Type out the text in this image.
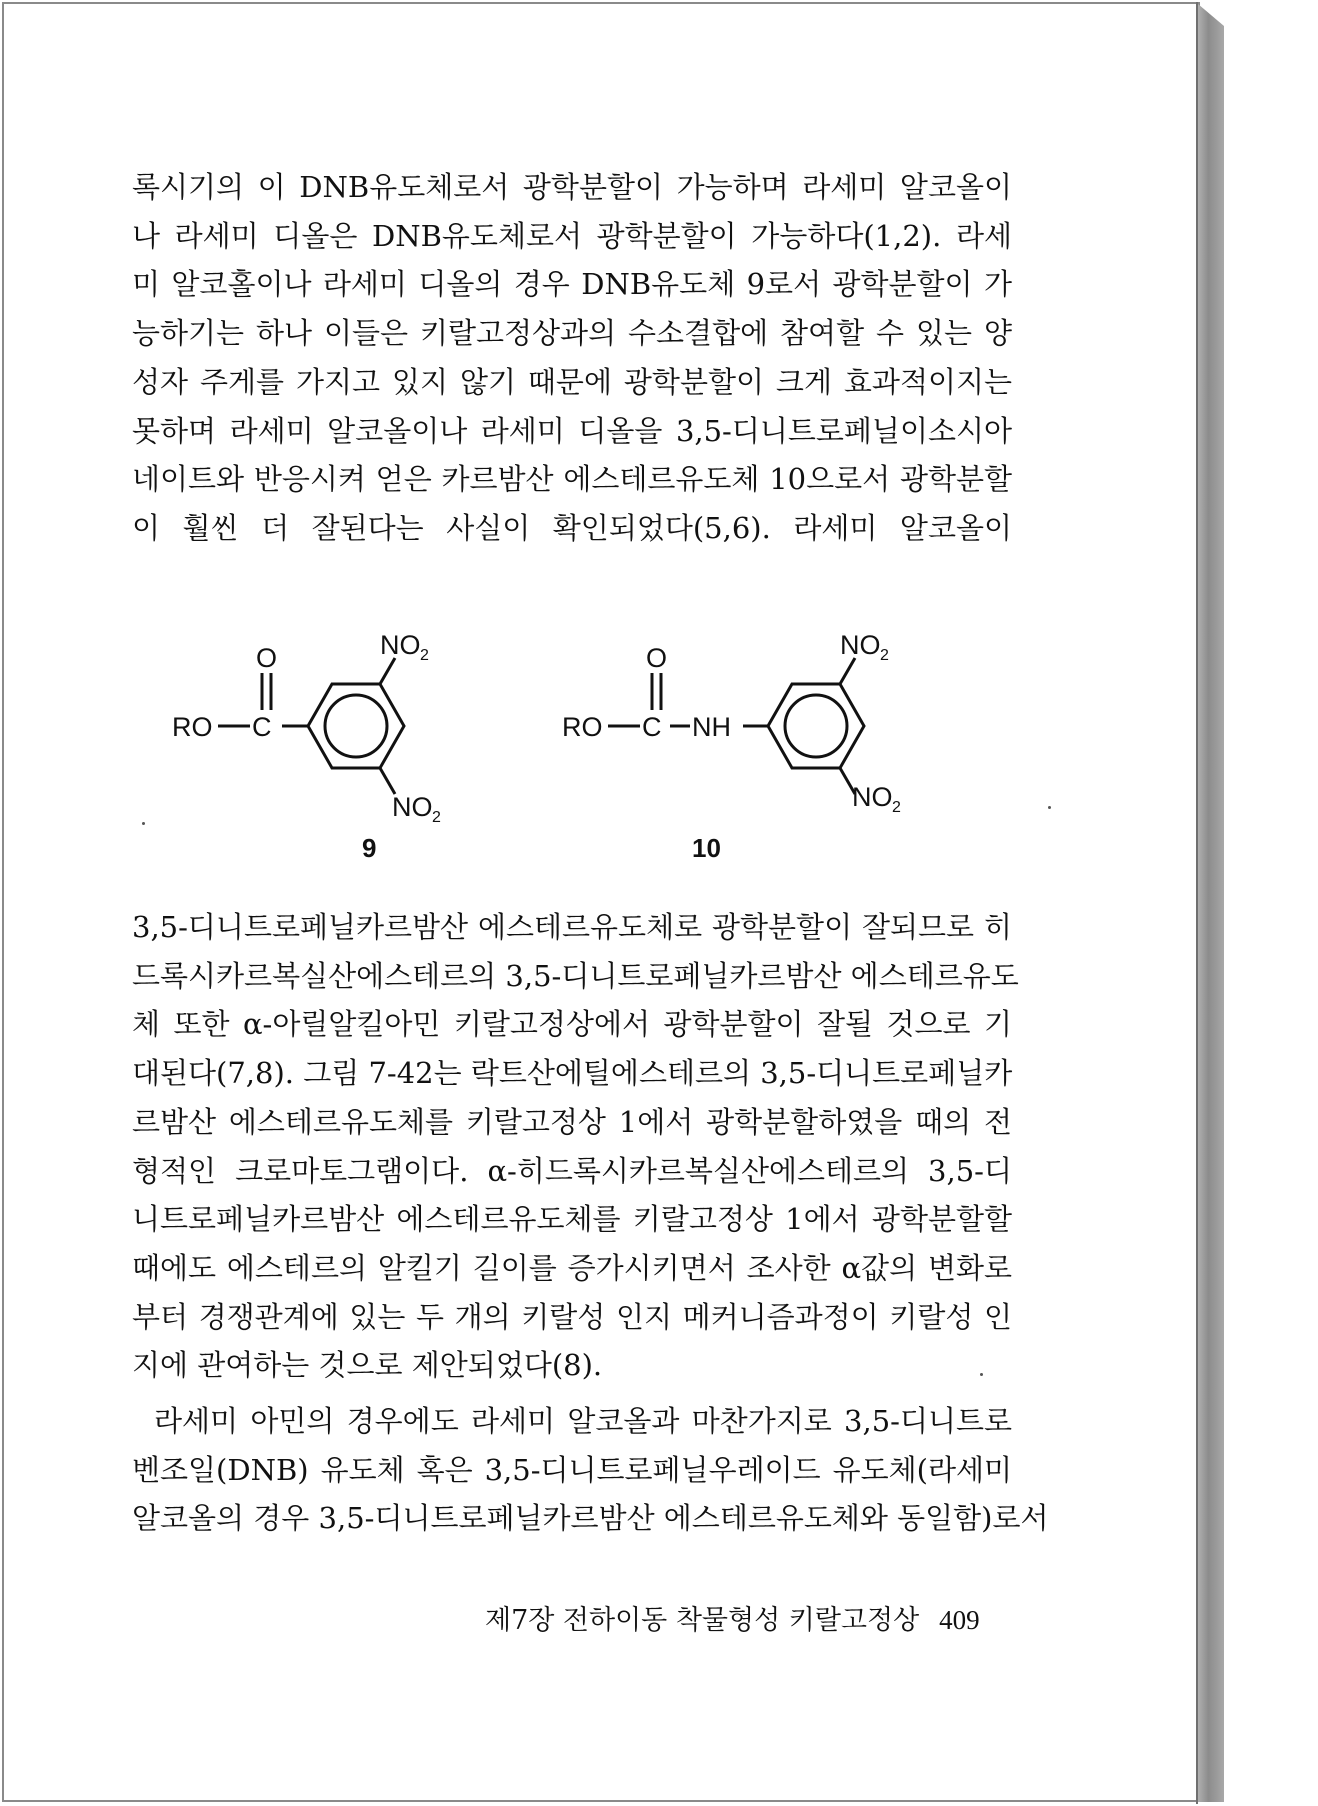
록시기의 이 DNB유도체로서 광학분할이 가능하며 라세미 알코올이
나 라세미 디올은 DNB유도체로서 광학분할이 가능하다(1,2). 라세
미 알코홀이나 라세미 디올의 경우 DNB유도체 9로서 광학분할이 가
능하기는 하나 이들은 키랄고정상과의 수소결합에 참여할 수 있는 양
성자 주게를 가지고 있지 않기 때문에 광학분할이 크게 효과적이지는
못하며 라세미 알코올이나 라세미 디올을 3,5-디니트로페닐이소시아
네이트와 반응시켜 얻은 카르밤산 에스테르유도체 10으로서 광학분할
이 훨씬 더 잘된다는 사실이 확인되었다(5,6). 라세미 알코올이
RO C
O	NO 2
NO 2
RO C NH
O	NO 2
NO 2
9	10
3,5-디니트로페닐카르밤산 에스테르유도체로 광학분할이 잘되므로 히
드록시카르복실산에스테르의 3,5-디니트로페닐카르밤산 에스테르유도
체 또한 α-아릴알킬아민 키랄고정상에서 광학분할이 잘될 것으로 기
대된다(7,8). 그림 7-42는 락트산에틸에스테르의 3,5-디니트로페닐카
르밤산 에스테르유도체를 키랄고정상 1에서 광학분할하였을 때의 전
형적인 크로마토그램이다. α-히드록시카르복실산에스테르의 3,5-디
니트로페닐카르밤산 에스테르유도체를 키랄고정상 1에서 광학분할할
때에도 에스테르의 알킬기 길이를 증가시키면서 조사한 α값의 변화로
부터 경쟁관계에 있는 두 개의 키랄성 인지 메커니즘과정이 키랄성 인
지에 관여하는 것으로 제안되었다(8).
라세미 아민의 경우에도 라세미 알코올과 마찬가지로 3,5-디니트로
벤조일(DNB) 유도체 혹은 3,5-디니트로페닐우레이드 유도체(라세미
알코올의 경우 3,5-디니트로페닐카르밤산 에스테르유도체와 동일함)로서
제7장 전하이동 착물형성 키랄고정상 409
